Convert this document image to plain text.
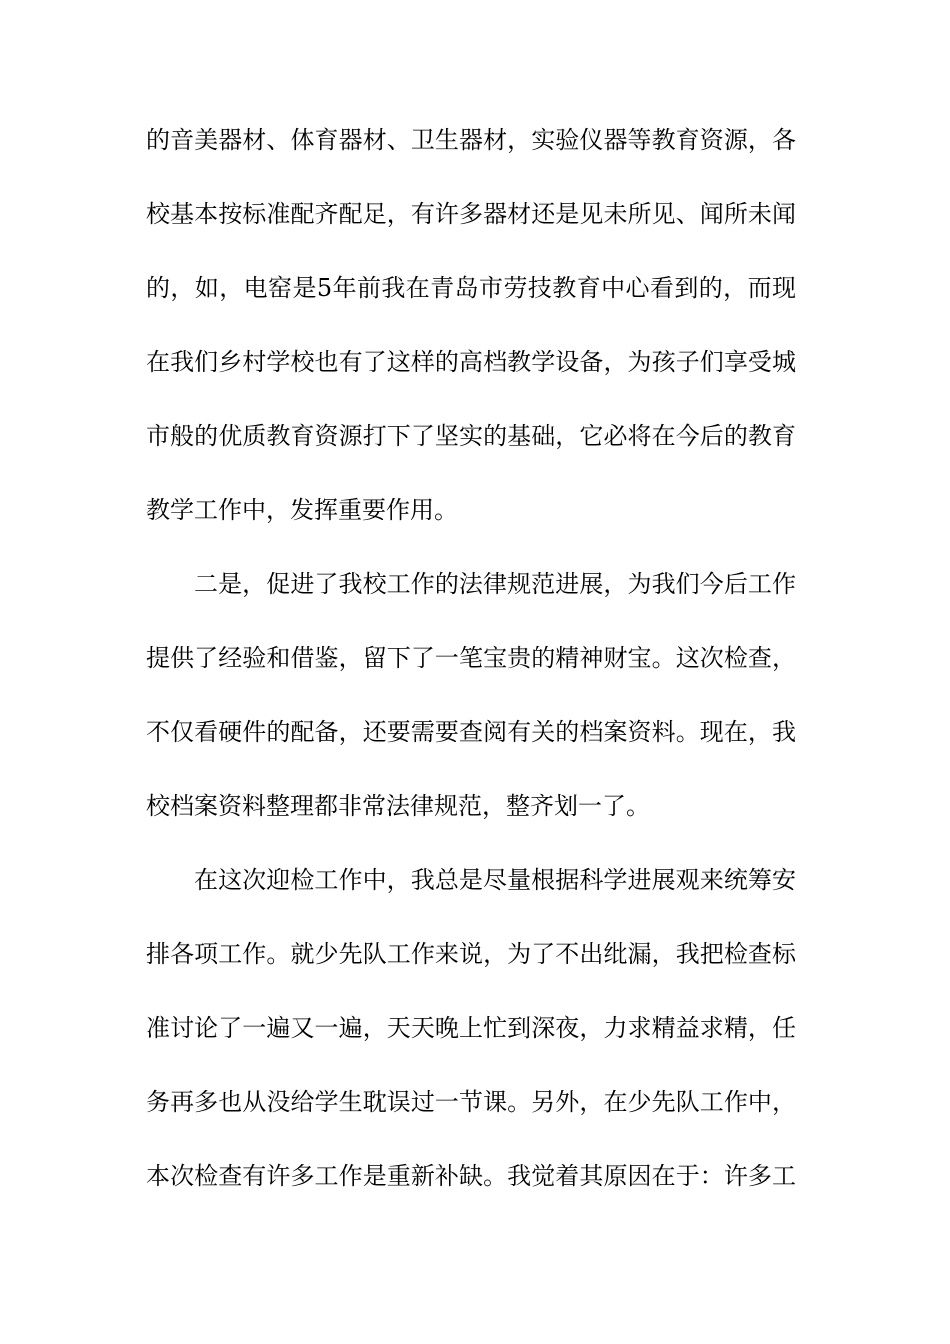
的音美器材、体育器材、卫生器材，实验仪器等教育资源，各
校基本按标准配齐配足，有许多器材还是见未所见、闻所未闻
的，如，电窑是5年前我在青岛市劳技教育中心看到的，而现
在我们乡村学校也有了这样的高档教学设备，为孩子们享受城
市般的优质教育资源打下了坚实的基础，它必将在今后的教育
教学工作中，发挥重要作用。
二是，促进了我校工作的法律规范进展，为我们今后工作
提供了经验和借鉴，留下了一笔宝贵的精神财宝。这次检查，
不仅看硬件的配备，还要需要查阅有关的档案资料。现在，我
校档案资料整理都非常法律规范，整齐划一了。
在这次迎检工作中，我总是尽量根据科学进展观来统筹安
排各项工作。就少先队工作来说，为了不出纰漏，我把检查标
准讨论了一遍又一遍，天天晚上忙到深夜，力求精益求精，任
务再多也从没给学生耽误过一节课。另外，在少先队工作中，
本次检查有许多工作是重新补缺。我觉着其原因在于：许多工
